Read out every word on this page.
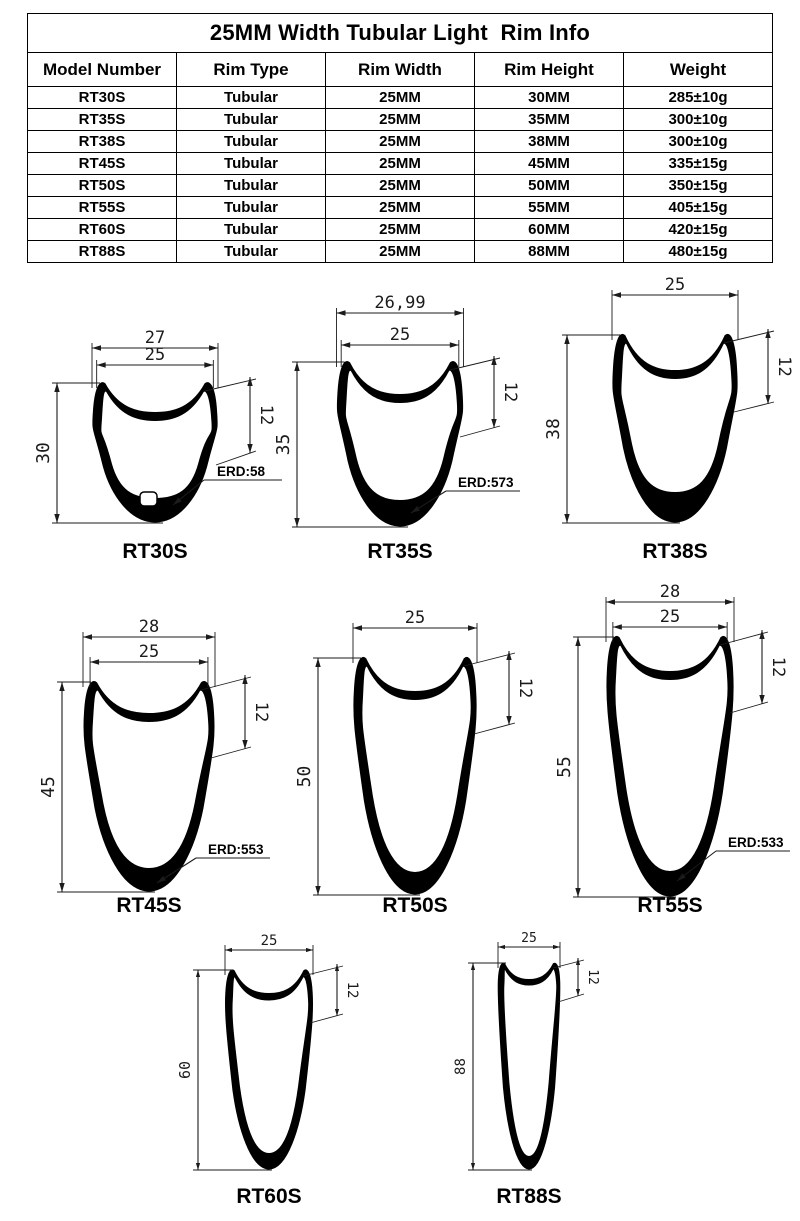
25MM Width Tubular Light  Rim Info				
Model Number	Rim Type	Rim Width	Rim Height	Weight
RT30S	Tubular	25MM	30MM	285±10g
RT35S	Tubular	25MM	35MM	300±10g
RT38S	Tubular	25MM	38MM	300±10g
RT45S	Tubular	25MM	45MM	335±15g
RT50S	Tubular	25MM	50MM	350±15g
RT55S	Tubular	25MM	55MM	405±15g
RT60S	Tubular	25MM	60MM	420±15g
RT88S	Tubular	25MM	88MM	480±15g
27
25
30
12
ERD:58
RT30S
26,99
25
35
12
ERD:573
RT35S
25
38
12
RT38S
28
25
45
12
ERD:553
RT45S
25
50
12
RT50S
28
25
55
12
ERD:533
RT55S
25
60
12
RT60S
25
88
12
RT88S
